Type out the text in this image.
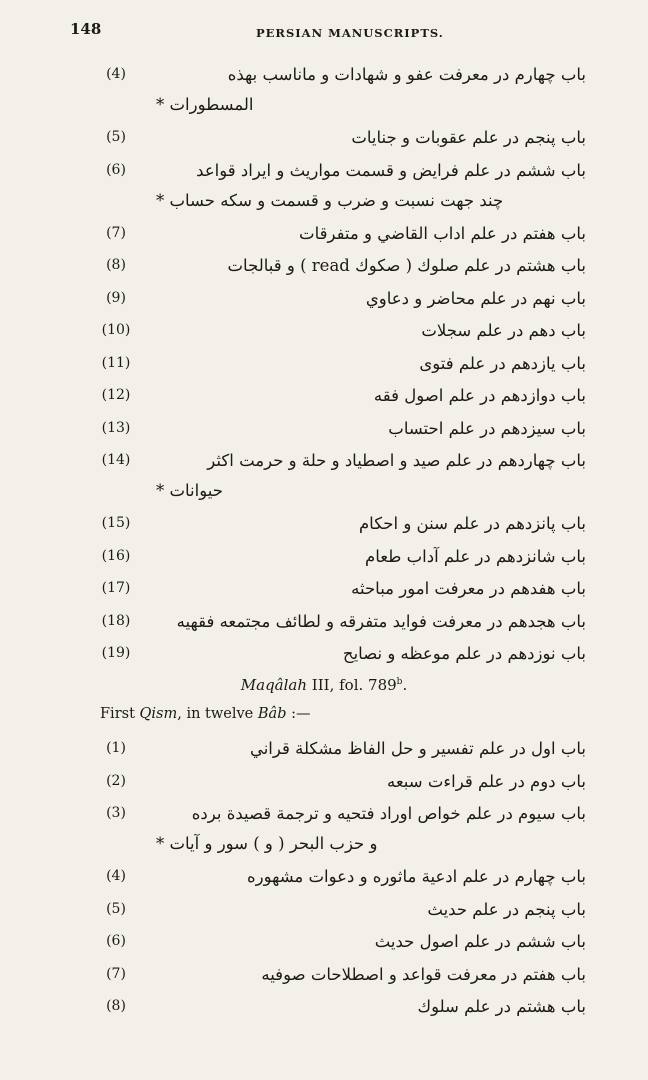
148	PERSIAN MANUSCRIPTS.
(4)	باب چهارم در معرفت عفو و شهادات و ماناسب بهذه
المسطورات *
(5)	باب پنجم در علم عقوبات و جنايات
(6)	باب ششم در علم فرايض و قسمت مواريث و ايراد قواعد
چند جهت نسبت و ضرب و قسمت و سكه حساب *
(7)	باب هفتم در علم اداب القاضي و متفرقات
(8)	باب هشتم در علم صلوك ( صكوك read ) و قبالجات
(9)	باب نهم در علم محاضر و دعاوي
(10)	باب دهم در علم سجلات
(11)	باب يازدهم در علم فتوى
(12)	باب دوازدهم در علم اصول فقه
(13)	باب سيزدهم در علم احتساب
(14)	باب چهاردهم در علم صيد و اصطياد و حلة و حرمت اكثر
حيوانات *
(15)	باب پانزدهم در علم سنن و احكام
(16)	باب شانزدهم در علم آداب طعام
(17)	باب هفدهم در معرفت امور مباحثه
(18)	باب هجدهم در معرفت فوايد متفرقه و لطائف مجتمعه فقهيه
(19)	باب نوزدهم در علم موعظه و نصايح
Maqâlah III, fol. 789$^b$.
First Qism, in twelve Bâb :—
(1)	باب اول در علم تفسير و حل الفاظ مشكلة قراني
(2)	باب دوم در علم قراءت سبعه
(3)	باب سيوم در علم خواص اوراد فتحيه و ترجمة قصيدة برده
و حزب البحر ( و ) سور و آيات *
(4)	باب چهارم در علم ادعية ماثوره و دعوات مشهوره
(5)	باب پنجم در علم حديث
(6)	باب ششم در علم اصول حديث
(7)	باب هفتم در معرفت قواعد و اصطلاحات صوفيه
(8)	باب هشتم در علم سلوك
